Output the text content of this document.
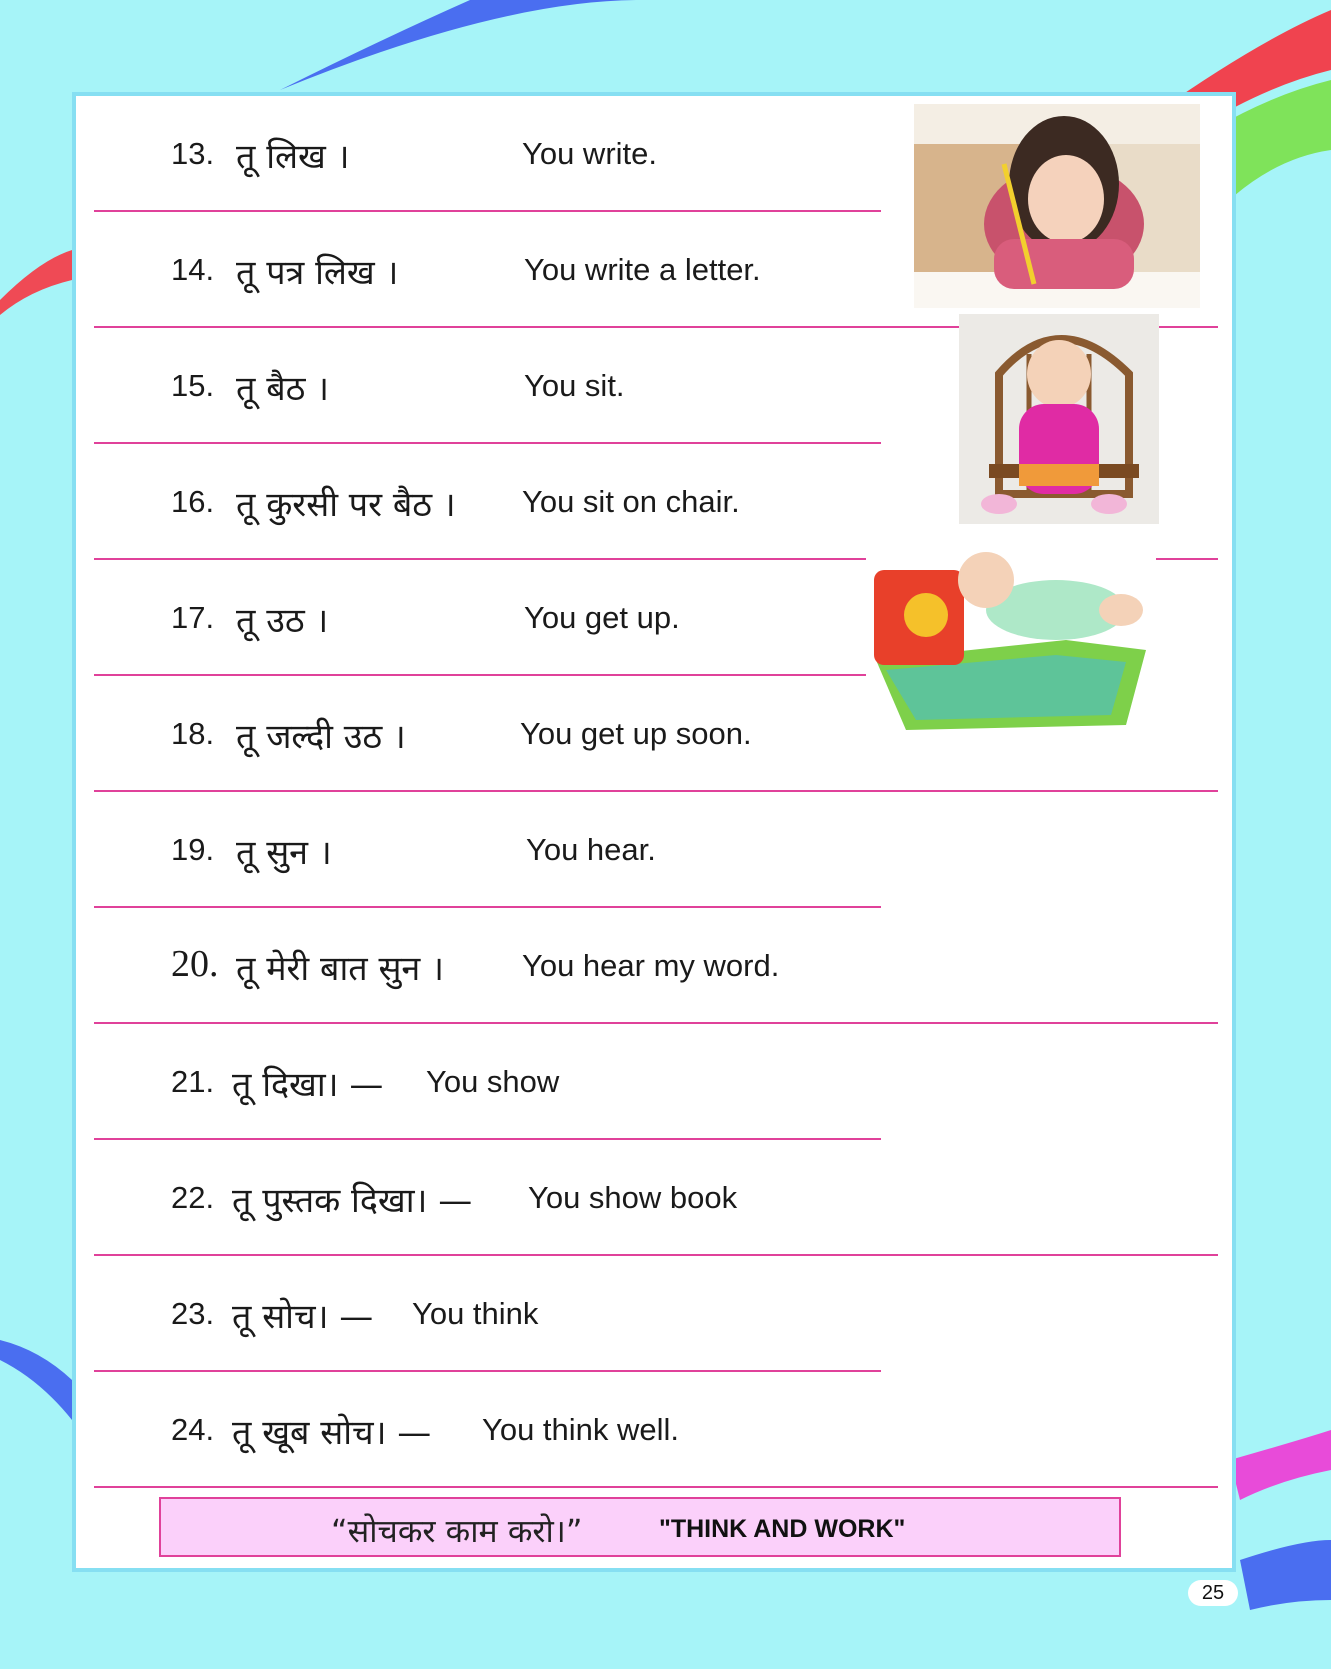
13. तू लिख ।	You write.
14. तू पत्र लिख ।	You write a letter.
15. तू बैठ ।	You sit.
16. तू कुरसी पर बैठ । You sit on chair.
17. तू उठ ।	You get up.
18. तू जल्दी उठ ।	You get up soon.
19. तू सुन ।	You hear.
20. तू मेरी बात सुन ।	You hear my word.
21. तू दिखा। — You show
22. तू पुस्तक दिखा। — You show book
23. तू सोच। — You think
24. तू खूब सोच। — You think well.
“सोचकर काम करो।”	"THINK AND WORK"
25
